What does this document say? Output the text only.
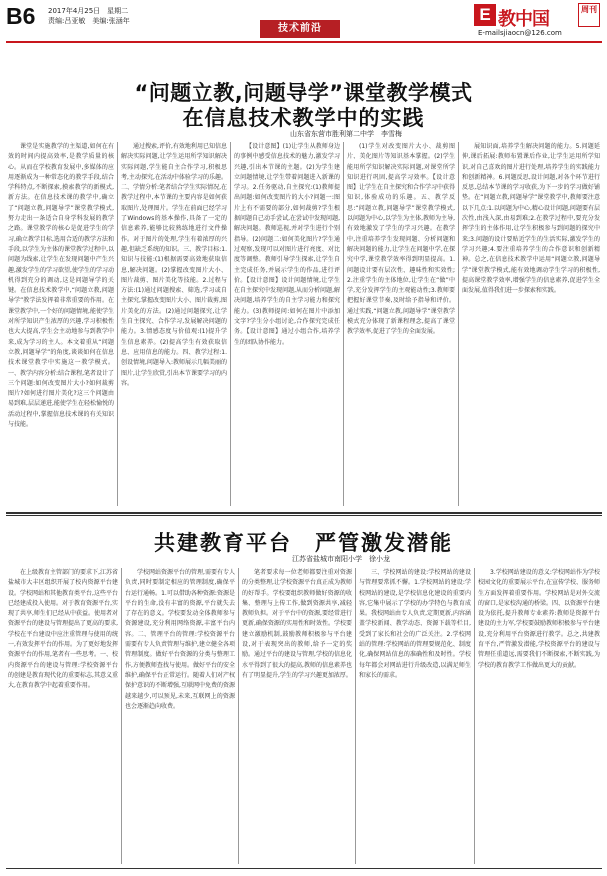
B6 2017年4月25日　星期二
责编:吕亚敏　美编:张涵年
技术前沿
E 教中国	周刊
E-mailsjiaocn@126.com
“问题立教,问题导学”课堂教学模式
在信息技术教学中的实践
山东省东营市胜利第二中学　李雪梅

课堂是实施教学的主渠道,如何在有效的时间内提高效率,是教学质量的核心。从而在学校教育发展中,多媒体的应用逐渐成为一种常态化的教学手段,结合学科特点,不断探索,摸索教学的新模式,新方法。在信息技术课的教学中,确立了“问题立教,问题导学”课堂教学模式,努力走出一条适合自身学科发展的教学之路。课堂教学的核心是促进学生的学习,确立教学目标,选用合适的教学方法和手段,以学生为主体的课堂教学过程中,以问题为线索,让学生在发现问题中产生兴趣,激发学生的学习欲望,使学生的学习动机得到充分的调动,这是问题导学的关键。在信息技术教学中,“问题立教,问题导学”教学法发挥着非常重要的作用。在课堂教学中,一个好的问题情境,能使学生对所学知识产生浓厚的兴趣,学习积极性也大大提高,学生会主动地参与到教学中来,成为学习的主人。本文着重从“问题立教,问题导学”的角度,谈谈如何在信息技术课堂教学中实施这一教学模式。一、教学内容分析:结合课程,笔者设计了三个问题:如何改变图片大小?如何裁剪图片?如何进行图片美化?这三个问题由易到难,层层递进,能使学生在轻松愉悦的活动过程中,掌握信息技术课的有关知识与技能。

通过搜索,评价,有效地利用已知信息解决实际问题,让学生运用所学知识解决实际问题,学生能自主合作学习,积极思考,主动探究,在活动中体验学习的乐趣。二、学情分析:笔者结合学生实际情况,在教学过程中,本节课的主要内容是如何获取图片,处理图片。学生在前面已经学习了Windows的基本操作,具备了一定的信息素养,能够比较熟练地进行文件操作。对于图片的处理,学生有着浓厚的兴趣,但缺乏系统的知识。三、教学目标:1.知识与技能:(1)根据需要高效地获取信息,解决问题。(2)掌握改变图片大小、图片裁剪、图片美化等技能。2.过程与方法:(1)通过问题搜索、筛选,学习或自主探究,掌握改变图片大小、图片裁剪,图片美化的方法。(2)通过问题探究,让学生自主探究、合作学习,发展解决问题的能力。3.情感态度与价值观:(1)提升学生信息素养。(2)提高学生有效获取信息、应用信息的能力。四、教学过程:1.创设情境,问题导入:教师展示几幅美丽的图片,让学生欣赏,引出本节课要学习的内容。

【设计意图】(1)让学生从教师身边的事例中感受信息技术的魅力,激发学习兴趣,引出本节课的主题。(2)为学生建立问题情境,让学生带着问题进入新课的学习。2.任务驱动,自主探究:(1)教师提出问题:如何改变图片的大小?问题一:图片上有不需要的部分,如何裁剪?学生根据问题自己动手尝试,在尝试中发现问题,解决问题。教师巡视,并对学生进行个别指导。(2)问题二:如何美化图片?学生通过观察,发现可以对图片进行亮度、对比度等调整。教师引导学生探索,让学生自主完成任务,并展示学生的作品,进行评价。【设计意图】设计问题情境,让学生在自主探究中发现问题,从而分析问题,解决问题,培养学生的自主学习能力和探究能力。(3)教师提问:如何在图片中添加文字?学生分小组讨论,合作探究完成任务。【设计意图】通过小组合作,培养学生的团队协作能力。

(1)学生对改变图片大小、裁剪图片、美化图片等知识基本掌握。(2)学生能用所学知识解决实际问题,对课堂所学知识进行巩固,提高学习效率。【设计意图】让学生在自主探究和合作学习中获得知识,体验成功的乐趣。五、教学反思:“问题立教,问题导学”课堂教学模式,以问题为中心,以学生为主体,教师为主导,有效地激发了学生的学习兴趣。在教学中,注重培养学生发现问题、分析问题和解决问题的能力,让学生在问题中学,在探究中学,课堂教学效率得到明显提高。1.问题设计要有层次性、趣味性和实效性;2.注重学生的主体地位,让学生在“做”中学,充分发挥学生的主观能动性;3.教师要把握好课堂节奏,及时给予指导和评价。通过实践,“问题立教,问题导学”课堂教学模式充分体现了新课程理念,提高了课堂教学效率,促进了学生的全面发展。

展知识面,培养学生解决问题的能力。5.问题延伸,课后拓展:教师布置课后作业,让学生运用所学知识,对自己喜欢的图片进行处理,培养学生的实践能力和创新精神。6.问题反思,设计问题,对各个环节进行反思,总结本节课的学习收获,为下一步的学习做好铺垫。在“问题立教,问题导学”课堂教学中,教师要注意以下几点:1.以问题为中心,精心设计问题,问题要有层次性,由浅入深,由易到难;2.在教学过程中,要充分发挥学生的主体作用,让学生积极参与到问题的探究中来;3.问题的设计要贴近学生的生活实际,激发学生的学习兴趣;4.要注重培养学生的合作意识和创新精神。总之,在信息技术教学中运用“问题立教,问题导学”课堂教学模式,能有效地调动学生学习的积极性,提高课堂教学效率,增强学生的信息素养,促进学生全面发展,值得我们进一步探索和实践。

共建教育平台　严管激发潜能
江苏省盐城市南阳小学　徐小龙

在上级教育主管部门的要求下,江苏省盐城市大丰区组织开展了校内资源平台建设。学校网站和其他教育类平台,这些平台已经建成投入使用。对于教育资源平台,实现了共享,师生们已经从中获益。使用者对资源平台的建设与管理提出了更高的要求,学校在平台建设中应注重管理与使用的统一,有效发挥平台的作用。为了更好地发挥资源平台的作用,笔者有一些思考。一、校内资源平台的建设与管理:学校资源平台的创建是教育现代化的重要标志,其意义重大,在教育教学中起着重要作用。

学校网站资源平台的管理,需要有专人负责,同时要制定相应的管理制度,确保平台运行通畅。1.可以借助各种资源:资源是平台的生命,没有丰富的资源,平台就失去了存在的意义。学校要发动全体教师参与资源建设,充分利用网络资源,丰富平台内容。二、管理平台的管理:学校资源平台需要有专人负责管理与维护,建立健全各项管理制度。做好平台资源的分类与整理工作,方便教师查找与使用。做好平台的安全维护,确保平台正常运行。随着人们对产权保护意识的不断增强,互联网中免费的资源越来越少,可以预见,未来,互联网上的资源也会逐渐趋向收费。

笔者要求每一位老师都要注重对资源的分类整理,让学校资源平台真正成为教师的好帮手。学校要组织教师做好资源的收集、整理与上传工作,做到资源共享,减轻教师负担。对于平台中的资源,要经常进行更新,确保资源的实用性和时效性。学校要建立激励机制,鼓励教师积极参与平台建设,对于表现突出的教师,给予一定的奖励。通过平台的建设与管理,学校的信息化水平得到了很大的提高,教师的信息素养也有了明显提升,学生的学习兴趣更加浓厚。

三、学校网站的建设:学校网站的建设与管理要常抓不懈。1.学校网站的建设:学校网站的建设,是学校信息化建设的重要内容,它集中展示了学校的办学特色与教育成果。我校网站由专人负责,定期更新,内容涵盖学校新闻、教学动态、资源下载等栏目,受到了家长和社会的广泛关注。2.学校网站的管理:学校网站的管理要规范化、制度化,确保网站信息的准确性和及时性。学校每年都会对网站进行升级改造,以满足师生和家长的需求。

3.学校网站建设的意义:学校网站作为学校校园文化的重要展示平台,在宣传学校、服务师生方面发挥着重要作用。学校网站是对外交流的窗口,是家校沟通的桥梁。四、以资源平台建设为依托,提升教师专业素养:教师是资源平台建设的主力军,学校要鼓励教师积极参与平台建设,充分利用平台资源进行教学。总之,共建教育平台,严管激发潜能,学校资源平台的建设与管理任重道远,需要我们不断探索,不断实践,为学校的教育教学工作做出更大的贡献。
